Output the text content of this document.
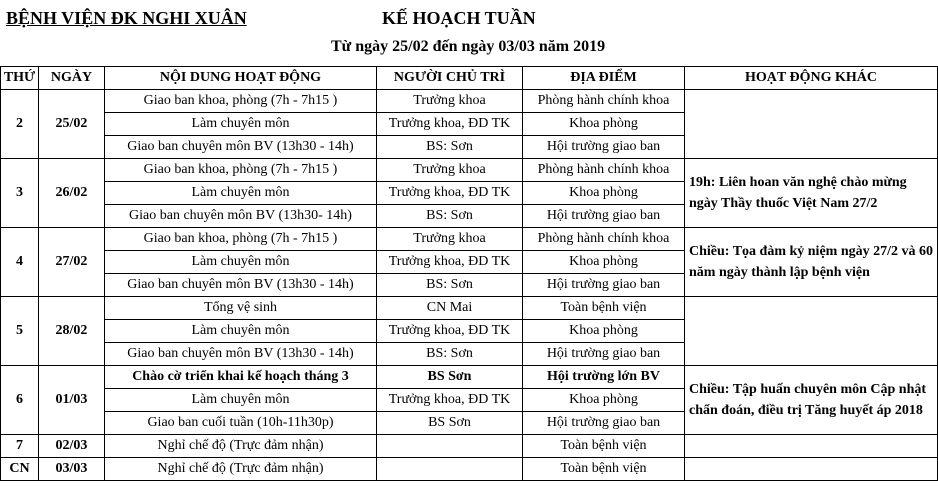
BỆNH VIỆN ĐK NGHI XUÂN	KẾ HOẠCH TUẦN
Từ ngày 25/02 đến ngày 03/03 năm 2019
THỨ	NGÀY	NỘI DUNG HOẠT ĐỘNG	NGƯỜI CHỦ TRÌ	ĐỊA ĐIỂM	HOẠT ĐỘNG KHÁC
2	25/02	Giao ban khoa, phòng (7h - 7h15 )	Trưởng khoa	Phòng hành chính khoa	
		Làm chuyên môn	Trưởng khoa, ĐD TK	Khoa phòng	
		Giao ban chuyên môn BV (13h30 - 14h)	BS: Sơn	Hội trường giao ban	
3	26/02	Giao ban khoa, phòng (7h - 7h15 )	Trưởng khoa	Phòng hành chính khoa	19h: Liên hoan văn nghệ chào mừng ngày Thầy thuốc Việt Nam 27/2
		Làm chuyên môn	Trưởng khoa, ĐD TK	Khoa phòng	
		Giao ban chuyên môn BV (13h30- 14h)	BS: Sơn	Hội trường giao ban	
4	27/02	Giao ban khoa, phòng (7h - 7h15 )	Trưởng khoa	Phòng hành chính khoa	Chiều: Tọa đàm kỷ niệm ngày 27/2 và 60 năm ngày thành lập bệnh viện
		Làm chuyên môn	Trưởng khoa, ĐD TK	Khoa phòng	
		Giao ban chuyên môn BV (13h30 - 14h)	BS: Sơn	Hội trường giao ban	
5	28/02	Tổng vệ sinh	CN Mai	Toàn bệnh viện	
		Làm chuyên môn	Trưởng khoa, ĐD TK	Khoa phòng	
		Giao ban chuyên môn BV (13h30 - 14h)	BS: Sơn	Hội trường giao ban	
6	01/03	Chào cờ triển khai kế hoạch tháng 3	BS Sơn	Hội trường lớn BV	Chiều: Tập huấn chuyên môn Cập nhật chẩn đoán, điều trị Tăng huyết áp 2018
		Làm chuyên môn	Trưởng khoa, ĐD TK	Khoa phòng	
		Giao ban cuối tuần (10h-11h30p)	BS Sơn	Hội trường giao ban	
7	02/03	Nghỉ chế độ (Trực đảm nhận)		Toàn bệnh viện	
CN	03/03	Nghỉ chế độ (Trực đảm nhận)		Toàn bệnh viện	
